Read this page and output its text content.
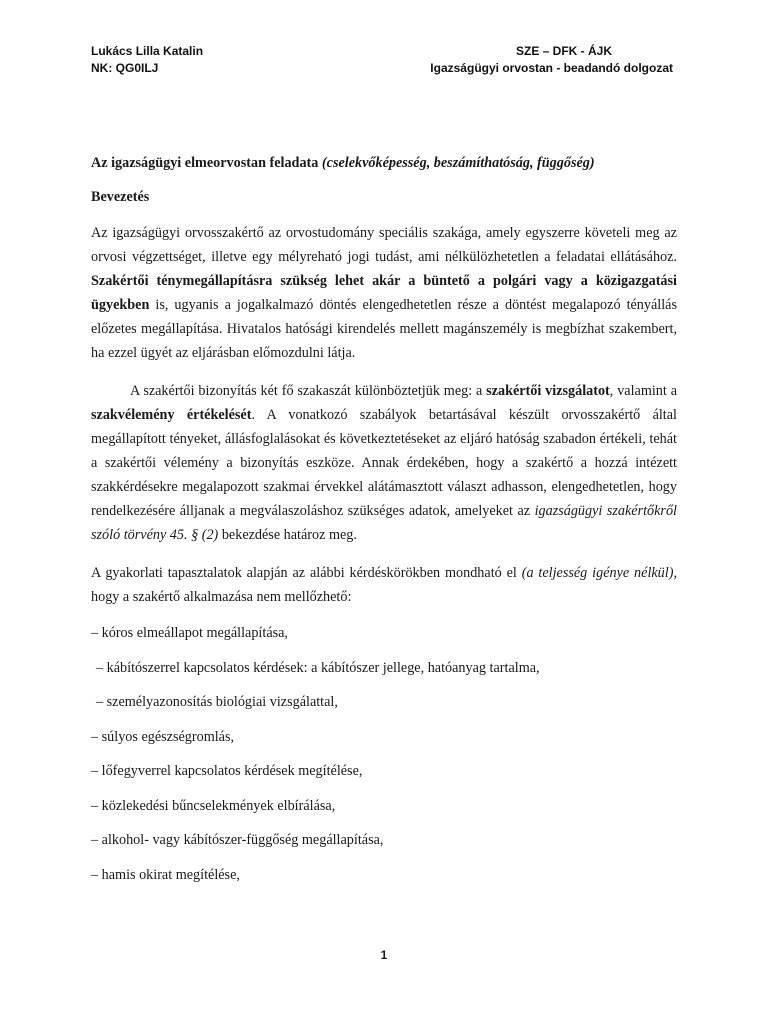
Lukács Lilla Katalin
NK: QG0ILJ
SZE – DFK - ÁJK
Igazságügyi orvostan - beadandó dolgozat
Az igazságügyi elmeorvostan feladata (cselekvőképesség, beszámíthatóság, függőség)
Bevezetés

Az igazságügyi orvosszakértő az orvostudomány speciális szakága, amely egyszerre követeli meg az orvosi végzettséget, illetve egy mélyreható jogi tudást, ami nélkülözhetetlen a feladatai ellátásához. Szakértői ténymegállapításra szükség lehet akár a büntető a polgári vagy a közigazgatási ügyekben is, ugyanis a jogalkalmazó döntés elengedhetetlen része a döntést megalapozó tényállás előzetes megállapítása. Hivatalos hatósági kirendelés mellett magánszemély is megbízhat szakembert, ha ezzel ügyét az eljárásban előmozdulni látja.

A szakértői bizonyítás két fő szakaszát különböztetjük meg: a szakértői vizsgálatot, valamint a szakvélemény értékelését. A vonatkozó szabályok betartásával készült orvosszakértő által megállapított tényeket, állásfoglalásokat és következtetéseket az eljáró hatóság szabadon értékeli, tehát a szakértői vélemény a bizonyítás eszköze. Annak érdekében, hogy a szakértő a hozzá intézett szakkérdésekre megalapozott szakmai érvekkel alátámasztott választ adhasson, elengedhetetlen, hogy rendelkezésére álljanak a megválaszoláshoz szükséges adatok, amelyeket az igazságügyi szakértőkről szóló törvény 45. § (2) bekezdése határoz meg.

A gyakorlati tapasztalatok alapján az alábbi kérdéskörökben mondható el (a teljesség igénye nélkül), hogy a szakértő alkalmazása nem mellőzhető:

– kóros elmeállapot megállapítása,
– kábítószerrel kapcsolatos kérdések: a kábítószer jellege, hatóanyag tartalma,
– személyazonosítás biológiai vizsgálattal,
– súlyos egészségromlás,
– lőfegyverrel kapcsolatos kérdések megítélése,
– közlekedési bűncselekmények elbírálása,
– alkohol- vagy kábítószer-függőség megállapítása,
– hamis okirat megítélése,
1
